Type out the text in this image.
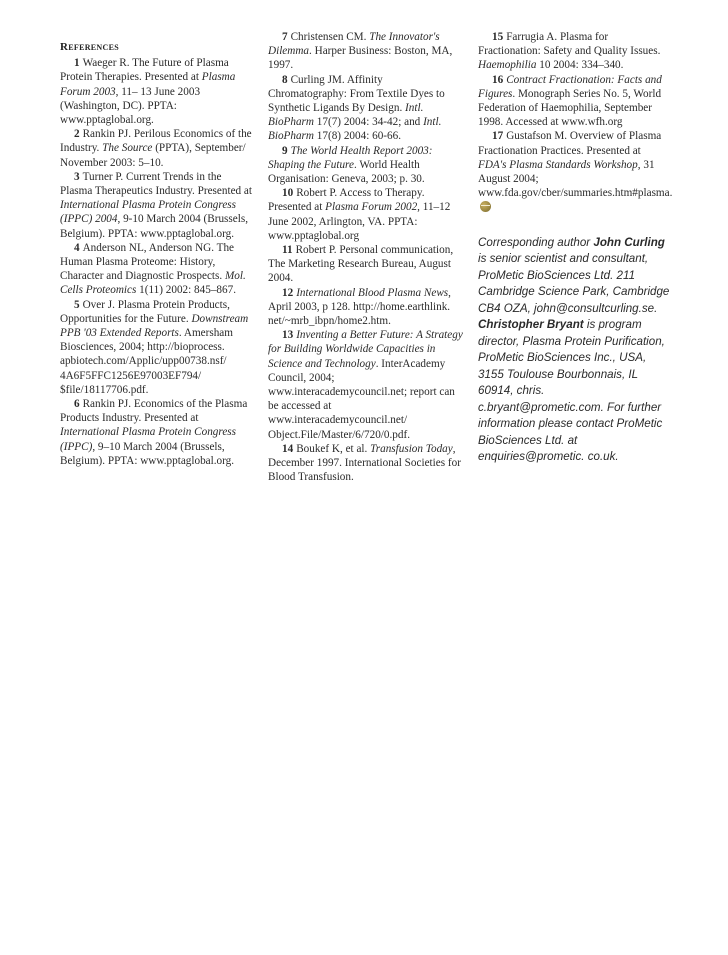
References

1 Waeger R. The Future of Plasma Protein Therapies. Presented at Plasma Forum 2003, 11– 13 June 2003 (Washington, DC). PPTA: www.pptaglobal.org.

2 Rankin PJ. Perilous Economics of the Industry. The Source (PPTA), September/ November 2003: 5–10.

3 Turner P. Current Trends in the Plasma Therapeutics Industry. Presented at International Plasma Protein Congress (IPPC) 2004, 9-10 March 2004 (Brussels, Belgium). PPTA: www.pptaglobal.org.

4 Anderson NL, Anderson NG. The Human Plasma Proteome: History, Character and Diagnostic Prospects. Mol. Cells Proteomics 1(11) 2002: 845–867.

5 Over J. Plasma Protein Products, Opportunities for the Future. Downstream PPB '03 Extended Reports. Amersham Biosciences, 2004; http://bioprocess. apbiotech.com/Applic/upp00738.nsf/ 4A6F5FFC1256E97003EF794/ $file/18117706.pdf.

6 Rankin PJ. Economics of the Plasma Products Industry. Presented at International Plasma Protein Congress (IPPC), 9–10 March 2004 (Brussels, Belgium). PPTA: www.pptaglobal.org.

7 Christensen CM. The Innovator's Dilemma. Harper Business: Boston, MA, 1997.

8 Curling JM. Affinity Chromatography: From Textile Dyes to Synthetic Ligands By Design. Intl. BioPharm 17(7) 2004: 34-42; and Intl. BioPharm 17(8) 2004: 60-66.

9 The World Health Report 2003: Shaping the Future. World Health Organisation: Geneva, 2003; p. 30.

10 Robert P. Access to Therapy. Presented at Plasma Forum 2002, 11–12 June 2002, Arlington, VA. PPTA: www.pptaglobal.org

11 Robert P. Personal communication, The Marketing Research Bureau, August 2004.

12 International Blood Plasma News, April 2003, p 128. http://home.earthlink. net/~mrb_ibpn/home2.htm.

13 Inventing a Better Future: A Strategy for Building Worldwide Capacities in Science and Technology. InterAcademy Council, 2004; www.interacademycouncil.net; report can be accessed at www.interacademycouncil.net/ Object.File/Master/6/720/0.pdf.

14 Boukef K, et al. Transfusion Today, December 1997. International Societies for Blood Transfusion.

15 Farrugia A. Plasma for Fractionation: Safety and Quality Issues. Haemophilia 10 2004: 334–340.

16 Contract Fractionation: Facts and Figures. Monograph Series No. 5, World Federation of Haemophilia, September 1998. Accessed at www.wfh.org

17 Gustafson M. Overview of Plasma Fractionation Practices. Presented at FDA's Plasma Standards Workshop, 31 August 2004; www.fda.gov/cber/summaries.htm#plasma.

Corresponding author John Curling is senior scientist and consultant, ProMetic BioSciences Ltd. 211 Cambridge Science Park, Cambridge CB4 OZA, john@consultcurling.se. Christopher Bryant is program director, Plasma Protein Purification, ProMetic BioSciences Inc., USA, 3155 Toulouse Bourbonnais, IL 60914, chris. c.bryant@prometic.com. For further information please contact ProMetic BioSciences Ltd. at enquiries@prometic. co.uk.
